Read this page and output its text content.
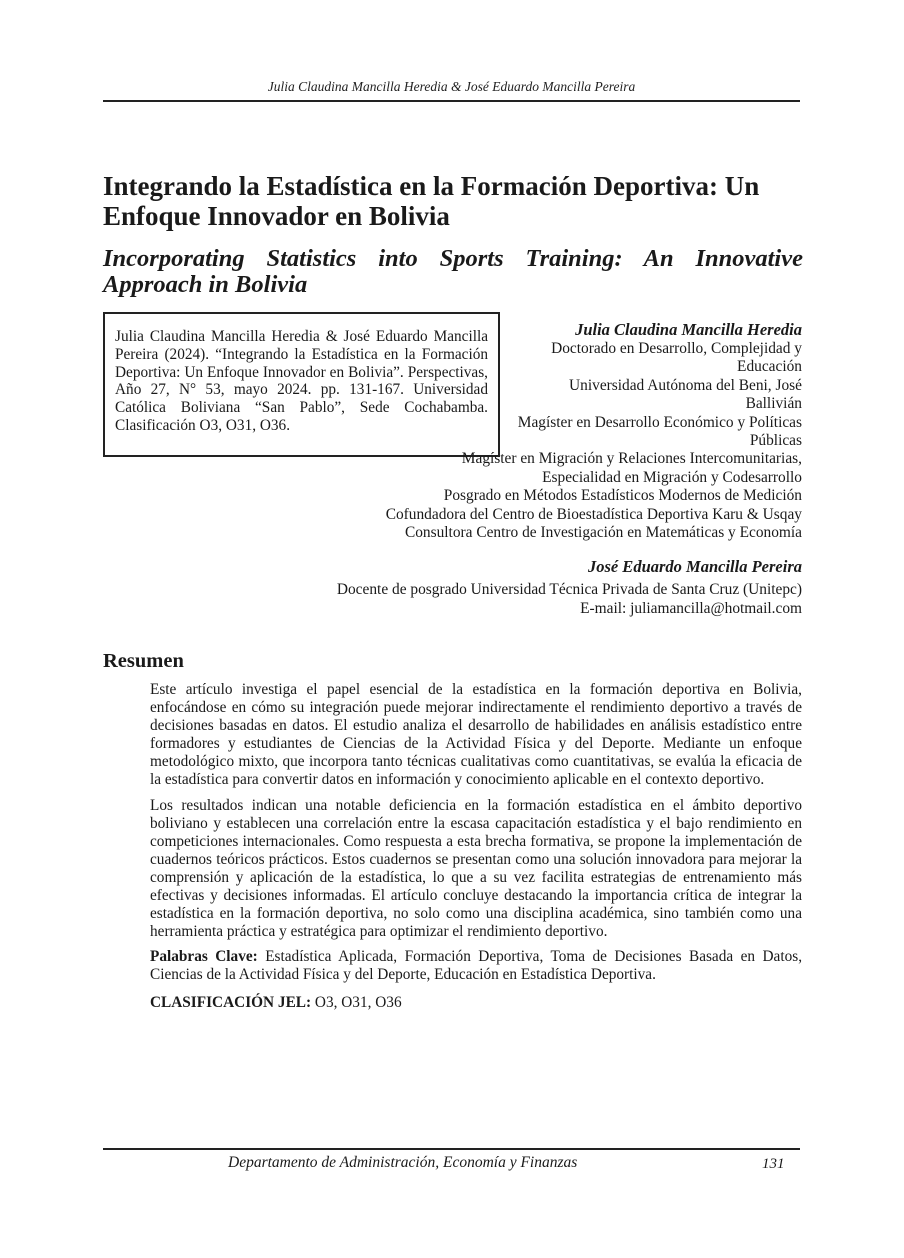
Julia Claudina Mancilla Heredia & José Eduardo Mancilla Pereira
Integrando la Estadística en la Formación Deportiva: Un Enfoque Innovador en Bolivia
Incorporating Statistics into Sports Training: An Innovative Approach in Bolivia
Julia Claudina Mancilla Heredia & José Eduardo Mancilla Pereira (2024). “Integrando la Estadística en la Formación Deportiva: Un Enfoque Innovador en Bolivia”. Perspectivas, Año 27, N° 53, mayo 2024. pp. 131-167. Universidad Católica Boliviana “San Pablo”, Sede Cochabamba. Clasificación O3, O31, O36.
Julia Claudina Mancilla Heredia
Doctorado en Desarrollo, Complejidad y Educación
Universidad Autónoma del Beni, José Ballivián
Magíster en Desarrollo Económico y Políticas Públicas
Magíster en Migración y Relaciones Intercomunitarias,
Especialidad en Migración y Codesarrollo
Posgrado en Métodos Estadísticos Modernos de Medición
Cofundadora del Centro de Bioestadística Deportiva Karu & Usqay
Consultora Centro de Investigación en Matemáticas y Economía
José Eduardo Mancilla Pereira
Docente de posgrado Universidad Técnica Privada de Santa Cruz (Unitepc)
E-mail: juliamancilla@hotmail.com
Resumen

Este artículo investiga el papel esencial de la estadística en la formación deportiva en Bolivia, enfocándose en cómo su integración puede mejorar indirectamente el rendimiento deportivo a través de decisiones basadas en datos. El estudio analiza el desarrollo de habilidades en análisis estadístico entre formadores y estudiantes de Ciencias de la Actividad Física y del Deporte. Mediante un enfoque metodológico mixto, que incorpora tanto técnicas cualitativas como cuantitativas, se evalúa la eficacia de la estadística para convertir datos en información y conocimiento aplicable en el contexto deportivo.

Los resultados indican una notable deficiencia en la formación estadística en el ámbito deportivo boliviano y establecen una correlación entre la escasa capacitación estadística y el bajo rendimiento en competiciones internacionales. Como respuesta a esta brecha formativa, se propone la implementación de cuadernos teóricos prácticos. Estos cuadernos se presentan como una solución innovadora para mejorar la comprensión y aplicación de la estadística, lo que a su vez facilita estrategias de entrenamiento más efectivas y decisiones informadas. El artículo concluye destacando la importancia crítica de integrar la estadística en la formación deportiva, no solo como una disciplina académica, sino también como una herramienta práctica y estratégica para optimizar el rendimiento deportivo.

Palabras Clave: Estadística Aplicada, Formación Deportiva, Toma de Decisiones Basada en Datos, Ciencias de la Actividad Física y del Deporte, Educación en Estadística Deportiva.

CLASIFICACIÓN JEL: O3, O31, O36

Departamento de Administración, Economía y Finanzas	131
